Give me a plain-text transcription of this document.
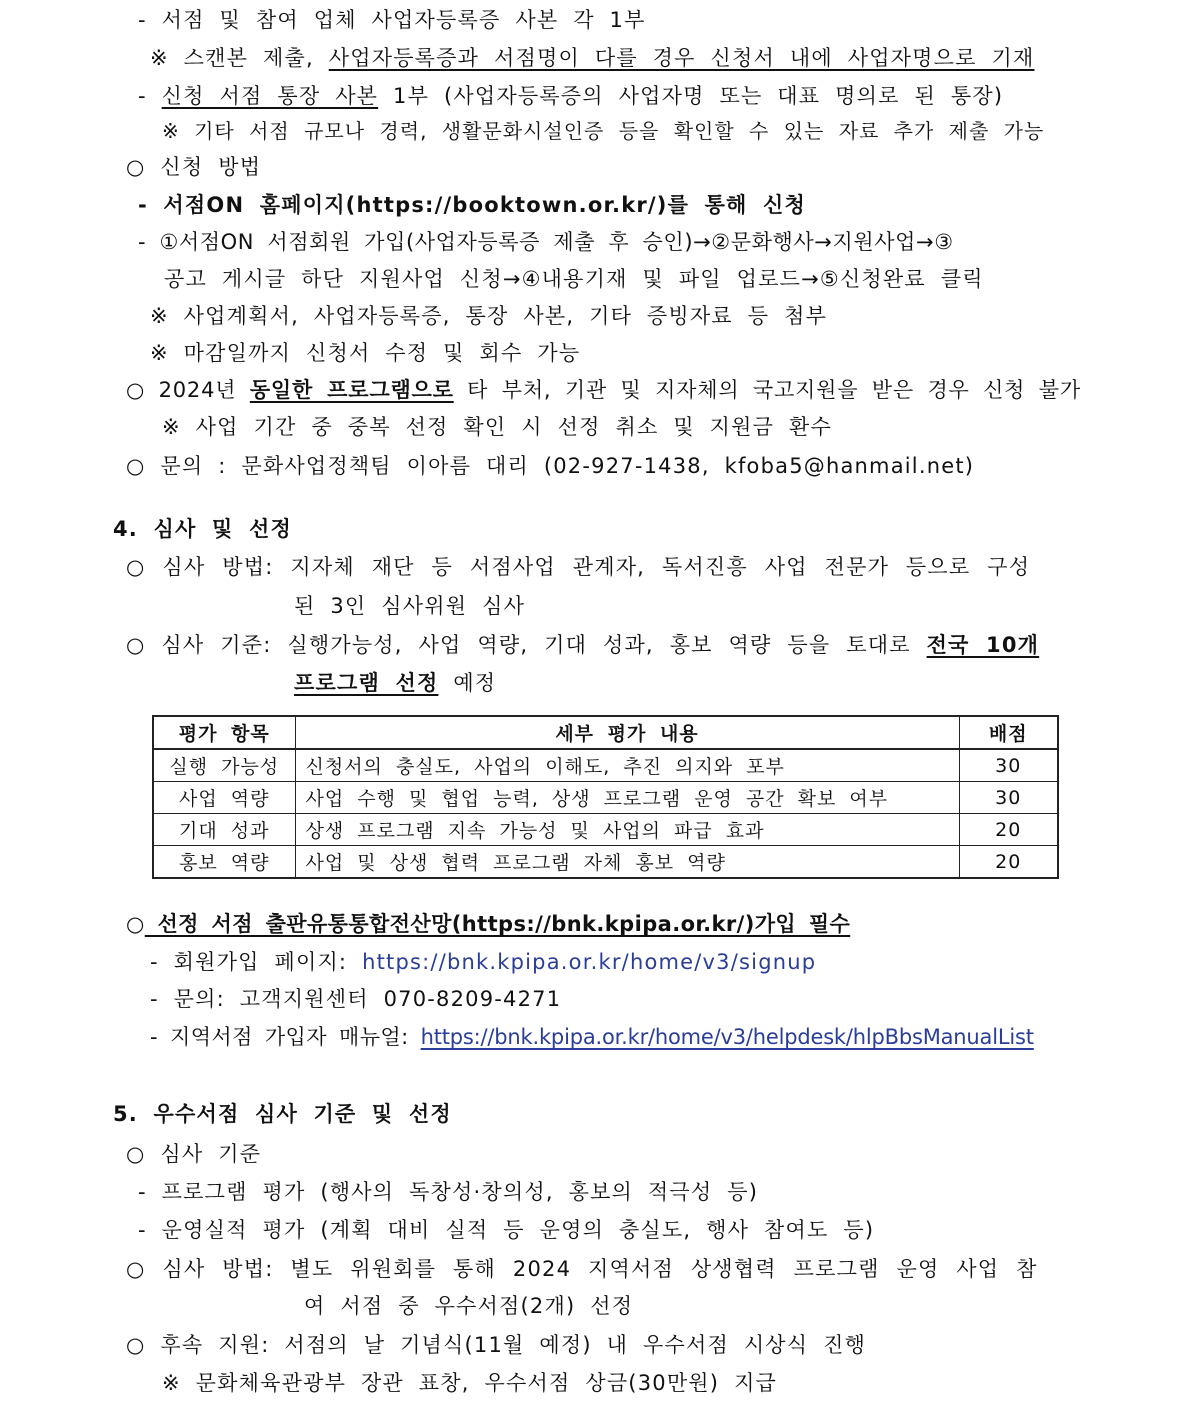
- 서점 및 참여 업체 사업자등록증 사본 각 1부
※ 스캔본 제출, 사업자등록증과 서점명이 다를 경우 신청서 내에 사업자명으로 기재
- 신청 서점 통장 사본 1부 (사업자등록증의 사업자명 또는 대표 명의로 된 통장)
※ 기타 서점 규모나 경력, 생활문화시설인증 등을 확인할 수 있는 자료 추가 제출 가능
○ 신청 방법
- 서점ON 홈페이지(https://booktown.or.kr/)를 통해 신청
- ①서점ON 서점회원 가입(사업자등록증 제출 후 승인)→②문화행사→지원사업→③
공고 게시글 하단 지원사업 신청→④내용기재 및 파일 업로드→⑤신청완료 클릭
※ 사업계획서, 사업자등록증, 통장 사본, 기타 증빙자료 등 첨부
※ 마감일까지 신청서 수정 및 회수 가능
○ 2024년 동일한 프로그램으로 타 부처, 기관 및 지자체의 국고지원을 받은 경우 신청 불가
※ 사업 기간 중 중복 선정 확인 시 선정 취소 및 지원금 환수
○ 문의 : 문화사업정책팀 이아름 대리 (02-927-1438, kfoba5@hanmail.net)
4. 심사 및 선정
○ 심사 방법: 지자체 재단 등 서점사업 관계자, 독서진흥 사업 전문가 등으로 구성
된 3인 심사위원 심사
○ 심사 기준: 실행가능성, 사업 역량, 기대 성과, 홍보 역량 등을 토대로 전국 10개
프로그램 선정 예정
평가 항목	세부 평가 내용	배점
실행 가능성	신청서의 충실도, 사업의 이해도, 추진 의지와 포부	30
사업 역량	사업 수행 및 협업 능력, 상생 프로그램 운영 공간 확보 여부	30
기대 성과	상생 프로그램 지속 가능성 및 사업의 파급 효과	20
홍보 역량	사업 및 상생 협력 프로그램 자체 홍보 역량	20
○ 선정 서점 출판유통통합전산망(https://bnk.kpipa.or.kr/)가입 필수
- 회원가입 페이지: https://bnk.kpipa.or.kr/home/v3/signup
- 문의: 고객지원센터 070-8209-4271
- 지역서점 가입자 매뉴얼: https://bnk.kpipa.or.kr/home/v3/helpdesk/hlpBbsManualList
5. 우수서점 심사 기준 및 선정
○ 심사 기준
- 프로그램 평가 (행사의 독창성·창의성, 홍보의 적극성 등)
- 운영실적 평가 (계획 대비 실적 등 운영의 충실도, 행사 참여도 등)
○ 심사 방법: 별도 위원회를 통해 2024 지역서점 상생협력 프로그램 운영 사업 참
여 서점 중 우수서점(2개) 선정
○ 후속 지원: 서점의 날 기념식(11월 예정) 내 우수서점 시상식 진행
※ 문화체육관광부 장관 표창, 우수서점 상금(30만원) 지급
